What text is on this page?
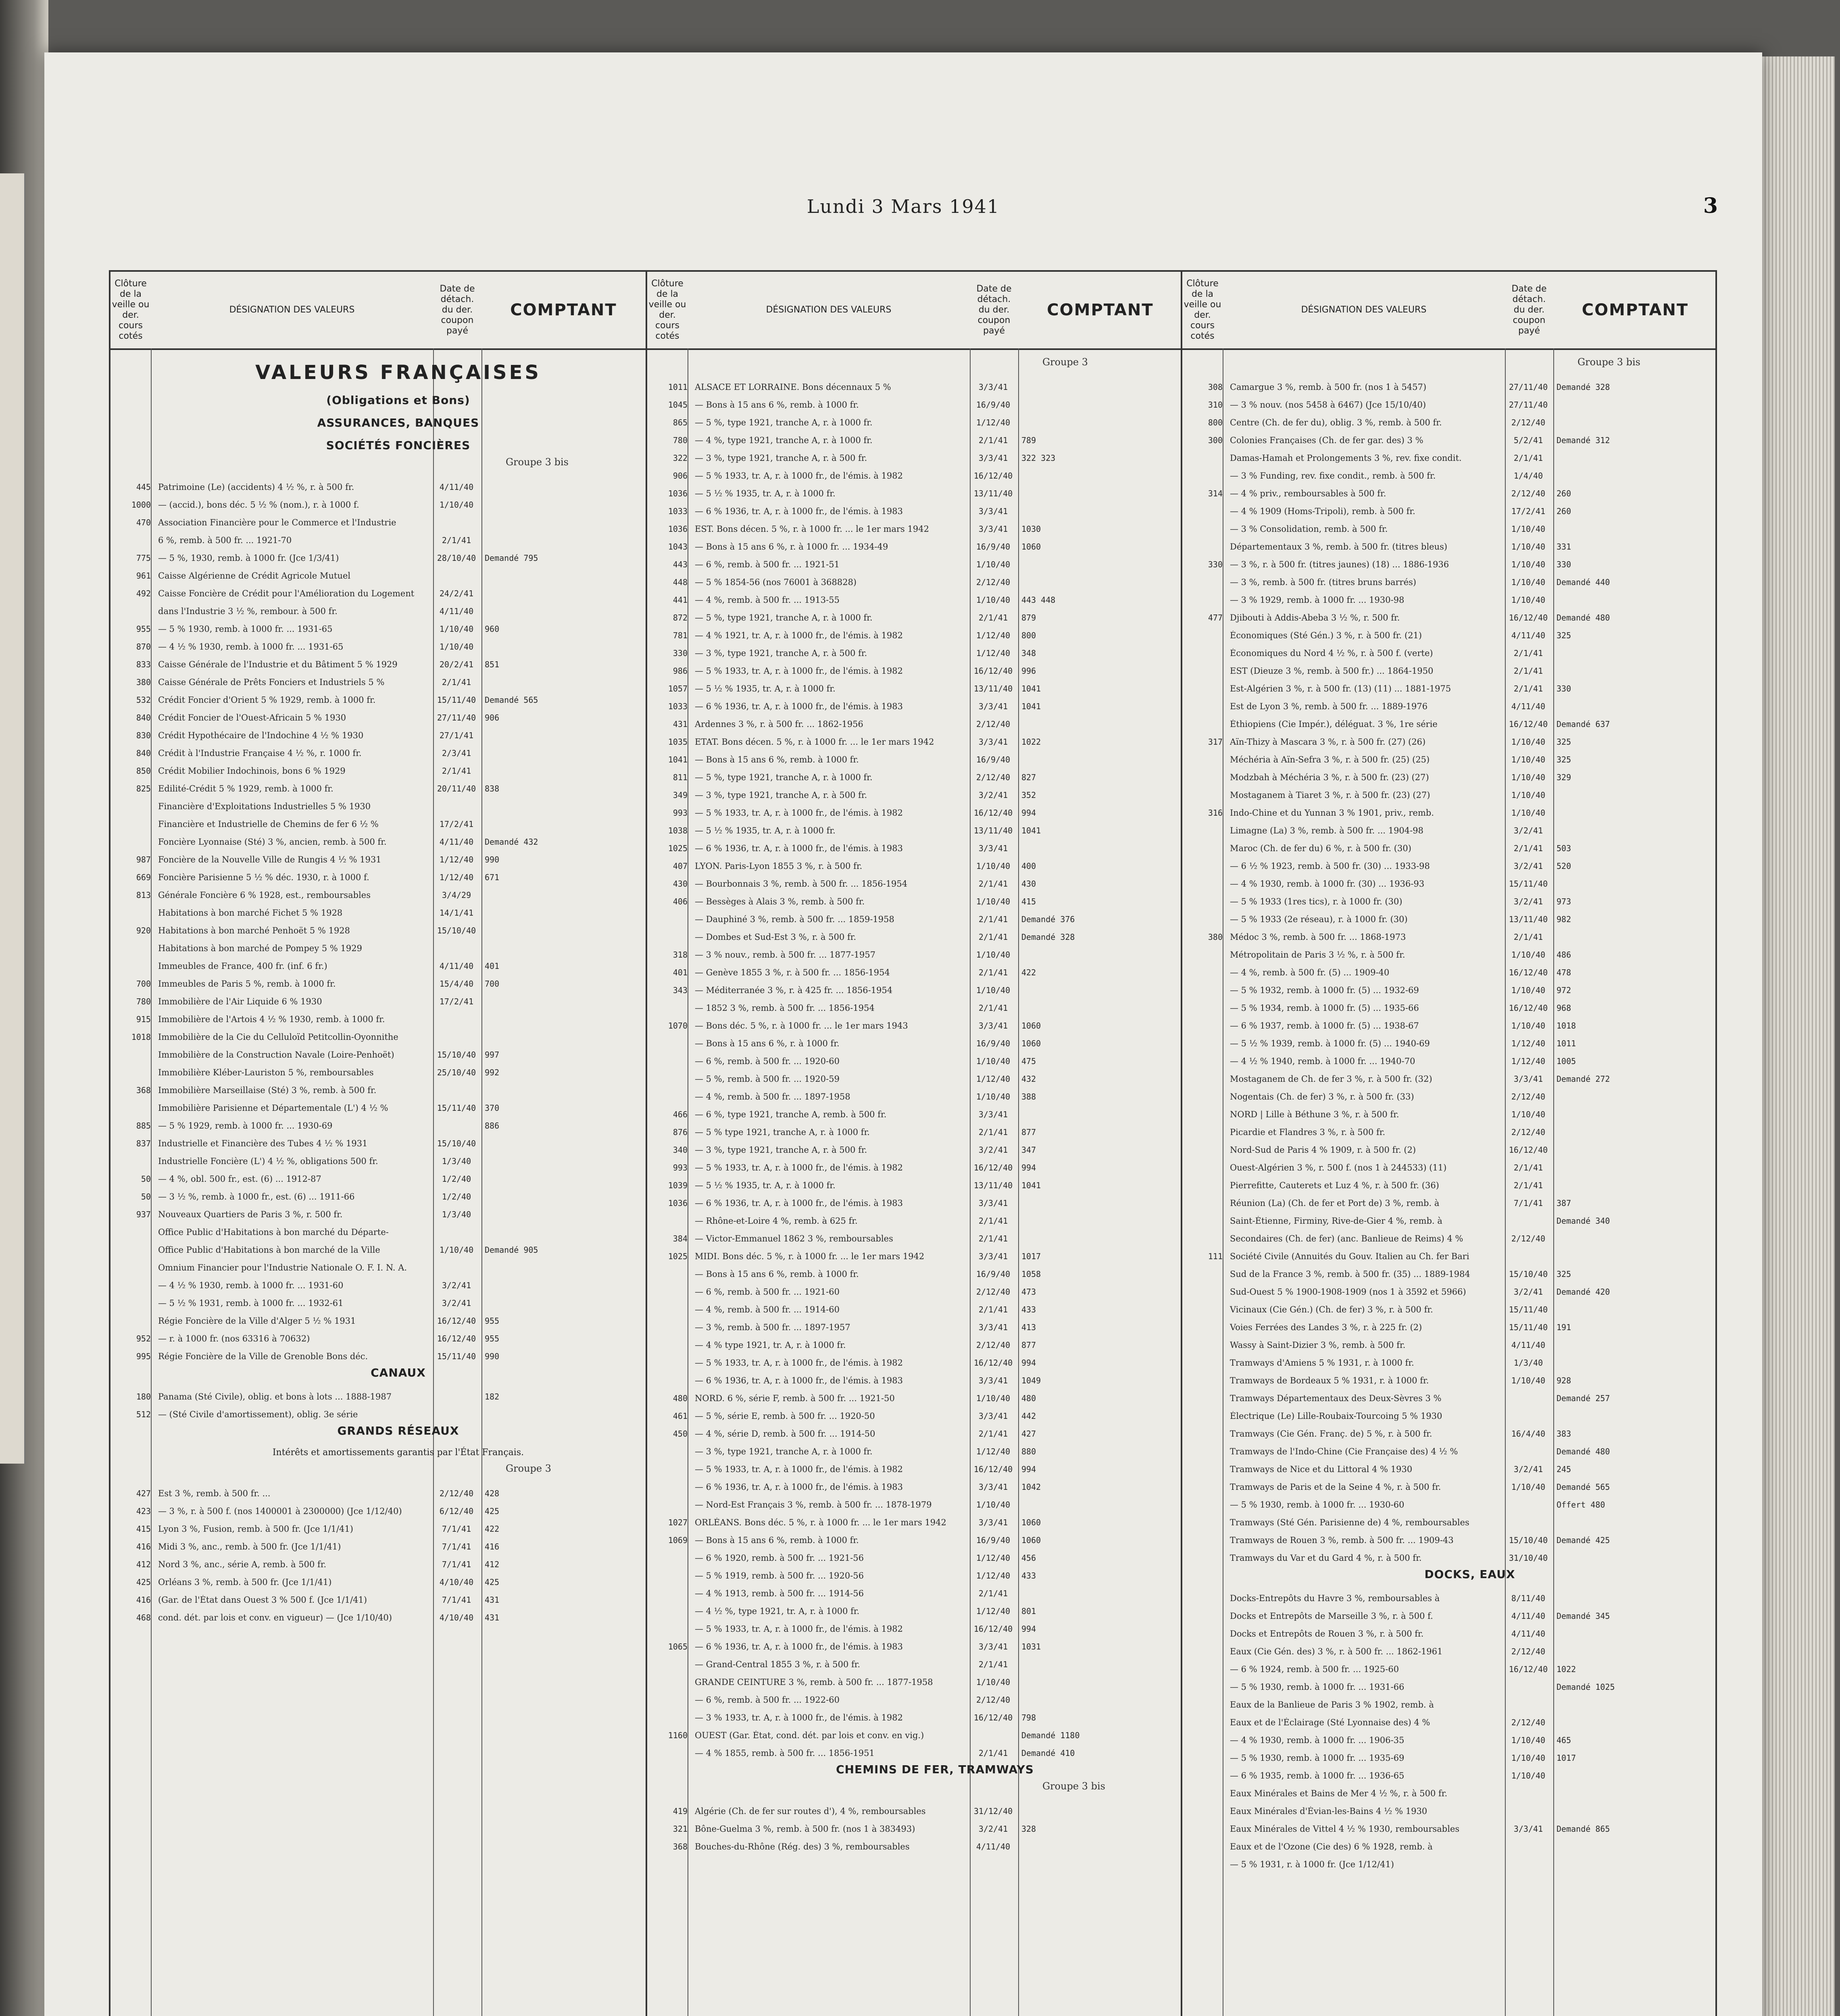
Lundi 3 Mars 1941	3
Clôture
de la
veille ou
der. cours
cotés
DÉSIGNATION DES VALEURS
Date de
détach.
du der.
coupon
payé
COMPTANT
VALEURS FRANÇAISES
(Obligations et Bons)
ASSURANCES, BANQUES
SOCIÉTÉS FONCIÈRES
Groupe 3 bis
445 Patrimoine (Le) (accidents) 4 ½ %, r. à 500 fr.	4/11/40
1000 — (accid.), bons déc. 5 ½ % (nom.), r. à 1000 f.	1/10/40
470 Association Financière pour le Commerce et l'Industrie
6 %, remb. à 500 fr. ... 1921-70	2/1/41
775 — 5 %, 1930, remb. à 1000 fr. (Jce 1/3/41)	28/10/40	Demandé 795
961 Caisse Algérienne de Crédit Agricole Mutuel
492 Caisse Foncière de Crédit pour l'Amélioration du Logement	24/2/41
dans l'Industrie 3 ½ %, rembour. à 500 fr.	4/11/40
955 — 5 % 1930, remb. à 1000 fr. ... 1931-65	1/10/40	960
870 — 4 ½ % 1930, remb. à 1000 fr. ... 1931-65	1/10/40
833 Caisse Générale de l'Industrie et du Bâtiment 5 % 1929	20/2/41	851
380 Caisse Générale de Prêts Fonciers et Industriels 5 %	2/1/41
532 Crédit Foncier d'Orient 5 % 1929, remb. à 1000 fr.	15/11/40	Demandé 565
840 Crédit Foncier de l'Ouest-Africain 5 % 1930	27/11/40	906
830 Crédit Hypothécaire de l'Indochine 4 ½ % 1930	27/1/41
840 Crédit à l'Industrie Française 4 ½ %, r. 1000 fr.	2/3/41
850 Crédit Mobilier Indochinois, bons 6 % 1929	2/1/41
825 Edilité-Crédit 5 % 1929, remb. à 1000 fr.	20/11/40	838
Financière d'Exploitations Industrielles 5 % 1930
Financière et Industrielle de Chemins de fer 6 ½ %	17/2/41
Foncière Lyonnaise (Sté) 3 %, ancien, remb. à 500 fr.	4/11/40	Demandé 432
987 Foncière de la Nouvelle Ville de Rungis 4 ½ % 1931	1/12/40	990
669 Foncière Parisienne 5 ½ % déc. 1930, r. à 1000 f.	1/12/40	671
813 Générale Foncière 6 % 1928, est., remboursables	3/4/29
Habitations à bon marché Fichet 5 % 1928	14/1/41
920 Habitations à bon marché Penhoët 5 % 1928	15/10/40
Habitations à bon marché de Pompey 5 % 1929
Immeubles de France, 400 fr. (inf. 6 fr.)	4/11/40	401
700 Immeubles de Paris 5 %, remb. à 1000 fr.	15/4/40	700
780 Immobilière de l'Air Liquide 6 % 1930	17/2/41
915 Immobilière de l'Artois 4 ½ % 1930, remb. à 1000 fr.
1018 Immobilière de la Cie du Celluloïd Petitcollin-Oyonnithe
Immobilière de la Construction Navale (Loire-Penhoët)	15/10/40	997
Immobilière Kléber-Lauriston 5 %, remboursables	25/10/40	992
368 Immobilière Marseillaise (Sté) 3 %, remb. à 500 fr.
Immobilière Parisienne et Départementale (L') 4 ½ %	15/11/40	370
885 — 5 % 1929, remb. à 1000 fr. ... 1930-69	886
837 Industrielle et Financière des Tubes 4 ½ % 1931	15/10/40
Industrielle Foncière (L') 4 ½ %, obligations 500 fr.	1/3/40
50 — 4 %, obl. 500 fr., est. (6) ... 1912-87	1/2/40
50 — 3 ½ %, remb. à 1000 fr., est. (6) ... 1911-66	1/2/40
937 Nouveaux Quartiers de Paris 3 %, r. 500 fr.	1/3/40
Office Public d'Habitations à bon marché du Départe-
Office Public d'Habitations à bon marché de la Ville	1/10/40	Demandé 905
Omnium Financier pour l'Industrie Nationale O. F. I. N. A.
— 4 ½ % 1930, remb. à 1000 fr. ... 1931-60	3/2/41
— 5 ½ % 1931, remb. à 1000 fr. ... 1932-61	3/2/41
Régie Foncière de la Ville d'Alger 5 ½ % 1931	16/12/40	955
952 — r. à 1000 fr. (nos 63316 à 70632)	16/12/40	955
995 Régie Foncière de la Ville de Grenoble Bons déc.	15/11/40	990
CANAUX
180 Panama (Sté Civile), oblig. et bons à lots ... 1888-1987	182
512 — (Sté Civile d'amortissement), oblig. 3e série
GRANDS RÉSEAUX
Intérêts et amortissements garantis par l'État Français.
Groupe 3
427 Est 3 %, remb. à 500 fr. ...	2/12/40	428
423 — 3 %, r. à 500 f. (nos 1400001 à 2300000) (Jce 1/12/40)	6/12/40	425
415 Lyon 3 %, Fusion, remb. à 500 fr. (Jce 1/1/41)	7/1/41	422
416 Midi 3 %, anc., remb. à 500 fr. (Jce 1/1/41)	7/1/41	416
412 Nord 3 %, anc., série A, remb. à 500 fr.	7/1/41	412
425 Orléans 3 %, remb. à 500 fr. (Jce 1/1/41)	4/10/40	425
416 (Gar. de l'État dans Ouest 3 % 500 f. (Jce 1/1/41)	7/1/41	431
468 cond. dét. par lois et conv. en vigueur) — (Jce 1/10/40)	4/10/40	431
Clôture
de la
veille ou
der. cours
cotés
DÉSIGNATION DES VALEURS
Date de
détach.
du der.
coupon
payé
COMPTANT
Groupe 3
1011 ALSACE ET LORRAINE. Bons décennaux 5 %	3/3/41
1045 — Bons à 15 ans 6 %, remb. à 1000 fr.	16/9/40
865 — 5 %, type 1921, tranche A, r. à 1000 fr.	1/12/40
780 — 4 %, type 1921, tranche A, r. à 1000 fr.	2/1/41	789
322 — 3 %, type 1921, tranche A, r. à 500 fr.	3/3/41	322 323
906 — 5 % 1933, tr. A, r. à 1000 fr., de l'émis. à 1982	16/12/40
1036 — 5 ½ % 1935, tr. A, r. à 1000 fr.	13/11/40
1033 — 6 % 1936, tr. A, r. à 1000 fr., de l'émis. à 1983	3/3/41
1036 EST. Bons décen. 5 %, r. à 1000 fr. ... le 1er mars 1942	3/3/41	1030
1043 — Bons à 15 ans 6 %, r. à 1000 fr. ... 1934-49	16/9/40	1060
443 — 6 %, remb. à 500 fr. ... 1921-51	1/10/40
448 — 5 % 1854-56 (nos 76001 à 368828)	2/12/40
441 — 4 %, remb. à 500 fr. ... 1913-55	1/10/40	443 448
872 — 5 %, type 1921, tranche A, r. à 1000 fr.	2/1/41	879
781 — 4 % 1921, tr. A, r. à 1000 fr., de l'émis. à 1982	1/12/40	800
330 — 3 %, type 1921, tranche A, r. à 500 fr.	1/12/40	348
986 — 5 % 1933, tr. A, r. à 1000 fr., de l'émis. à 1982	16/12/40	996
1057 — 5 ½ % 1935, tr. A, r. à 1000 fr.	13/11/40	1041
1033 — 6 % 1936, tr. A, r. à 1000 fr., de l'émis. à 1983	3/3/41	1041
431 Ardennes 3 %, r. à 500 fr. ... 1862-1956	2/12/40
1035 ETAT. Bons décen. 5 %, r. à 1000 fr. ... le 1er mars 1942	3/3/41	1022
1041 — Bons à 15 ans 6 %, remb. à 1000 fr.	16/9/40
811 — 5 %, type 1921, tranche A, r. à 1000 fr.	2/12/40	827
349 — 3 %, type 1921, tranche A, r. à 500 fr.	3/2/41	352
993 — 5 % 1933, tr. A, r. à 1000 fr., de l'émis. à 1982	16/12/40	994
1038 — 5 ½ % 1935, tr. A, r. à 1000 fr.	13/11/40	1041
1025 — 6 % 1936, tr. A, r. à 1000 fr., de l'émis. à 1983	3/3/41
407 LYON. Paris-Lyon 1855 3 %, r. à 500 fr.	1/10/40	400
430 — Bourbonnais 3 %, remb. à 500 fr. ... 1856-1954	2/1/41	430
406 — Bessèges à Alais 3 %, remb. à 500 fr.	1/10/40	415
— Dauphiné 3 %, remb. à 500 fr. ... 1859-1958	2/1/41	Demandé 376
— Dombes et Sud-Est 3 %, r. à 500 fr.	2/1/41	Demandé 328
318 — 3 % nouv., remb. à 500 fr. ... 1877-1957	1/10/40
401 — Genève 1855 3 %, r. à 500 fr. ... 1856-1954	2/1/41	422
343 — Méditerranée 3 %, r. à 425 fr. ... 1856-1954	1/10/40
— 1852 3 %, remb. à 500 fr. ... 1856-1954	2/1/41
1070 — Bons déc. 5 %, r. à 1000 fr. ... le 1er mars 1943	3/3/41	1060
— Bons à 15 ans 6 %, r. à 1000 fr.	16/9/40	1060
— 6 %, remb. à 500 fr. ... 1920-60	1/10/40	475
— 5 %, remb. à 500 fr. ... 1920-59	1/12/40	432
— 4 %, remb. à 500 fr. ... 1897-1958	1/10/40	388
466 — 6 %, type 1921, tranche A, remb. à 500 fr.	3/3/41
876 — 5 % type 1921, tranche A, r. à 1000 fr.	2/1/41	877
340 — 3 %, type 1921, tranche A, r. à 500 fr.	3/2/41	347
993 — 5 % 1933, tr. A, r. à 1000 fr., de l'émis. à 1982	16/12/40	994
1039 — 5 ½ % 1935, tr. A, r. à 1000 fr.	13/11/40	1041
1036 — 6 % 1936, tr. A, r. à 1000 fr., de l'émis. à 1983	3/3/41
— Rhône-et-Loire 4 %, remb. à 625 fr.	2/1/41
384 — Victor-Emmanuel 1862 3 %, remboursables	2/1/41
1025 MIDI. Bons déc. 5 %, r. à 1000 fr. ... le 1er mars 1942	3/3/41	1017
— Bons à 15 ans 6 %, remb. à 1000 fr.	16/9/40	1058
— 6 %, remb. à 500 fr. ... 1921-60	2/12/40	473
— 4 %, remb. à 500 fr. ... 1914-60	2/1/41	433
— 3 %, remb. à 500 fr. ... 1897-1957	3/3/41	413
— 4 % type 1921, tr. A, r. à 1000 fr.	2/12/40	877
— 5 % 1933, tr. A, r. à 1000 fr., de l'émis. à 1982	16/12/40	994
— 6 % 1936, tr. A, r. à 1000 fr., de l'émis. à 1983	3/3/41	1049
480 NORD. 6 %, série F, remb. à 500 fr. ... 1921-50	1/10/40	480
461 — 5 %, série E, remb. à 500 fr. ... 1920-50	3/3/41	442
450 — 4 %, série D, remb. à 500 fr. ... 1914-50	2/1/41	427
— 3 %, type 1921, tranche A, r. à 1000 fr.	1/12/40	880
— 5 % 1933, tr. A, r. à 1000 fr., de l'émis. à 1982	16/12/40	994
— 6 % 1936, tr. A, r. à 1000 fr., de l'émis. à 1983	3/3/41	1042
— Nord-Est Français 3 %, remb. à 500 fr. ... 1878-1979	1/10/40
1027 ORLÉANS. Bons déc. 5 %, r. à 1000 fr. ... le 1er mars 1942	3/3/41	1060
1069 — Bons à 15 ans 6 %, remb. à 1000 fr.	16/9/40	1060
— 6 % 1920, remb. à 500 fr. ... 1921-56	1/12/40	456
— 5 % 1919, remb. à 500 fr. ... 1920-56	1/12/40	433
— 4 % 1913, remb. à 500 fr. ... 1914-56	2/1/41
— 4 ½ %, type 1921, tr. A, r. à 1000 fr.	1/12/40	801
— 5 % 1933, tr. A, r. à 1000 fr., de l'émis. à 1982	16/12/40	994
1065 — 6 % 1936, tr. A, r. à 1000 fr., de l'émis. à 1983	3/3/41	1031
— Grand-Central 1855 3 %, r. à 500 fr.	2/1/41
GRANDE CEINTURE 3 %, remb. à 500 fr. ... 1877-1958	1/10/40
— 6 %, remb. à 500 fr. ... 1922-60	2/12/40
— 3 % 1933, tr. A, r. à 1000 fr., de l'émis. à 1982	16/12/40	798
1160 OUEST (Gar. État, cond. dét. par lois et conv. en vig.)	Demandé 1180
— 4 % 1855, remb. à 500 fr. ... 1856-1951	2/1/41	Demandé 410
CHEMINS DE FER, TRAMWAYS
Groupe 3 bis
419 Algérie (Ch. de fer sur routes d'), 4 %, remboursables	31/12/40
321 Bône-Guelma 3 %, remb. à 500 fr. (nos 1 à 383493)	3/2/41	328
368 Bouches-du-Rhône (Rég. des) 3 %, remboursables	4/11/40
Clôture
de la
veille ou
der. cours
cotés
DÉSIGNATION DES VALEURS
Date de
détach.
du der.
coupon
payé
COMPTANT
Groupe 3 bis
308 Camargue 3 %, remb. à 500 fr. (nos 1 à 5457)	27/11/40	Demandé 328
310 — 3 % nouv. (nos 5458 à 6467) (Jce 15/10/40)	27/11/40
800 Centre (Ch. de fer du), oblig. 3 %, remb. à 500 fr.	2/12/40
300 Colonies Françaises (Ch. de fer gar. des) 3 %	5/2/41	Demandé 312
Damas-Hamah et Prolongements 3 %, rev. fixe condit.	2/1/41
— 3 % Funding, rev. fixe condit., remb. à 500 fr.	1/4/40
314 — 4 % priv., remboursables à 500 fr.	2/12/40	260
— 4 % 1909 (Homs-Tripoli), remb. à 500 fr.	17/2/41	260
— 3 % Consolidation, remb. à 500 fr.	1/10/40
Départementaux 3 %, remb. à 500 fr. (titres bleus)	1/10/40	331
330 — 3 %, r. à 500 fr. (titres jaunes) (18) ... 1886-1936	1/10/40	330
— 3 %, remb. à 500 fr. (titres bruns barrés)	1/10/40	Demandé 440
— 3 % 1929, remb. à 1000 fr. ... 1930-98	1/10/40
477 Djibouti à Addis-Abeba 3 ½ %, r. 500 fr.	16/12/40	Demandé 480
Économiques (Sté Gén.) 3 %, r. à 500 fr. (21)	4/11/40	325
Économiques du Nord 4 ½ %, r. à 500 f. (verte)	2/1/41
EST (Dieuze 3 %, remb. à 500 fr.) ... 1864-1950	2/1/41
Est-Algérien 3 %, r. à 500 fr. (13) (11) ... 1881-1975	2/1/41	330
Est de Lyon 3 %, remb. à 500 fr. ... 1889-1976	4/11/40
Éthiopiens (Cie Impér.), déléguat. 3 %, 1re série	16/12/40	Demandé 637
317 Aïn-Thizy à Mascara 3 %, r. à 500 fr. (27) (26)	1/10/40	325
Méchéria à Aïn-Sefra 3 %, r. à 500 fr. (25) (25)	1/10/40	325
Modzbah à Méchéria 3 %, r. à 500 fr. (23) (27)	1/10/40	329
Mostaganem à Tiaret 3 %, r. à 500 fr. (23) (27)	1/10/40
316 Indo-Chine et du Yunnan 3 % 1901, priv., remb.	1/10/40
Limagne (La) 3 %, remb. à 500 fr. ... 1904-98	3/2/41
Maroc (Ch. de fer du) 6 %, r. à 500 fr. (30)	2/1/41	503
— 6 ½ % 1923, remb. à 500 fr. (30) ... 1933-98	3/2/41	520
— 4 % 1930, remb. à 1000 fr. (30) ... 1936-93	15/11/40
— 5 % 1933 (1res tics), r. à 1000 fr. (30)	3/2/41	973
— 5 % 1933 (2e réseau), r. à 1000 fr. (30)	13/11/40	982
380 Médoc 3 %, remb. à 500 fr. ... 1868-1973	2/1/41
Métropolitain de Paris 3 ½ %, r. à 500 fr.	1/10/40	486
— 4 %, remb. à 500 fr. (5) ... 1909-40	16/12/40	478
— 5 % 1932, remb. à 1000 fr. (5) ... 1932-69	1/10/40	972
— 5 % 1934, remb. à 1000 fr. (5) ... 1935-66	16/12/40	968
— 6 % 1937, remb. à 1000 fr. (5) ... 1938-67	1/10/40	1018
— 5 ½ % 1939, remb. à 1000 fr. (5) ... 1940-69	1/12/40	1011
— 4 ½ % 1940, remb. à 1000 fr. ... 1940-70	1/12/40	1005
Mostaganem de Ch. de fer 3 %, r. à 500 fr. (32)	3/3/41	Demandé 272
Nogentais (Ch. de fer) 3 %, r. à 500 fr. (33)	2/12/40
NORD | Lille à Béthune 3 %, r. à 500 fr.	1/10/40
Picardie et Flandres 3 %, r. à 500 fr.	2/12/40
Nord-Sud de Paris 4 % 1909, r. à 500 fr. (2)	16/12/40
Ouest-Algérien 3 %, r. 500 f. (nos 1 à 244533) (11)	2/1/41
Pierrefitte, Cauterets et Luz 4 %, r. à 500 fr. (36)	2/1/41
Réunion (La) (Ch. de fer et Port de) 3 %, remb. à	7/1/41	387
Saint-Étienne, Firminy, Rive-de-Gier 4 %, remb. à	Demandé 340
Secondaires (Ch. de fer) (anc. Banlieue de Reims) 4 %	2/12/40
111 Société Civile (Annuités du Gouv. Italien au Ch. fer Bari
Sud de la France 3 %, remb. à 500 fr. (35) ... 1889-1984	15/10/40	325
Sud-Ouest 5 % 1900-1908-1909 (nos 1 à 3592 et 5966)	3/2/41	Demandé 420
Vicinaux (Cie Gén.) (Ch. de fer) 3 %, r. à 500 fr.	15/11/40
Voies Ferrées des Landes 3 %, r. à 225 fr. (2)	15/11/40	191
Wassy à Saint-Dizier 3 %, remb. à 500 fr.	4/11/40
Tramways d'Amiens 5 % 1931, r. à 1000 fr.	1/3/40
Tramways de Bordeaux 5 % 1931, r. à 1000 fr.	1/10/40	928
Tramways Départementaux des Deux-Sèvres 3 %	Demandé 257
Électrique (Le) Lille-Roubaix-Tourcoing 5 % 1930
Tramways (Cie Gén. Franç. de) 5 %, r. à 500 fr.	16/4/40	383
Tramways de l'Indo-Chine (Cie Française des) 4 ½ %	Demandé 480
Tramways de Nice et du Littoral 4 % 1930	3/2/41	245
Tramways de Paris et de la Seine 4 %, r. à 500 fr.	1/10/40	Demandé 565
— 5 % 1930, remb. à 1000 fr. ... 1930-60	Offert 480
Tramways (Sté Gén. Parisienne de) 4 %, remboursables
Tramways de Rouen 3 %, remb. à 500 fr. ... 1909-43	15/10/40	Demandé 425
Tramways du Var et du Gard 4 %, r. à 500 fr.	31/10/40
DOCKS, EAUX
Docks-Entrepôts du Havre 3 %, remboursables à	8/11/40
Docks et Entrepôts de Marseille 3 %, r. à 500 f.	4/11/40	Demandé 345
Docks et Entrepôts de Rouen 3 %, r. à 500 fr.	4/11/40
Eaux (Cie Gén. des) 3 %, r. à 500 fr. ... 1862-1961	2/12/40
— 6 % 1924, remb. à 500 fr. ... 1925-60	16/12/40	1022
— 5 % 1930, remb. à 1000 fr. ... 1931-66	Demandé 1025
Eaux de la Banlieue de Paris 3 % 1902, remb. à
Eaux et de l'Éclairage (Sté Lyonnaise des) 4 %	2/12/40
— 4 % 1930, remb. à 1000 fr. ... 1906-35	1/10/40	465
— 5 % 1930, remb. à 1000 fr. ... 1935-69	1/10/40	1017
— 6 % 1935, remb. à 1000 fr. ... 1936-65	1/10/40
Eaux Minérales et Bains de Mer 4 ½ %, r. à 500 fr.
Eaux Minérales d'Évian-les-Bains 4 ½ % 1930
Eaux Minérales de Vittel 4 ½ % 1930, remboursables	3/3/41	Demandé 865
Eaux et de l'Ozone (Cie des) 6 % 1928, remb. à
— 5 % 1931, r. à 1000 fr. (Jce 1/12/41)
